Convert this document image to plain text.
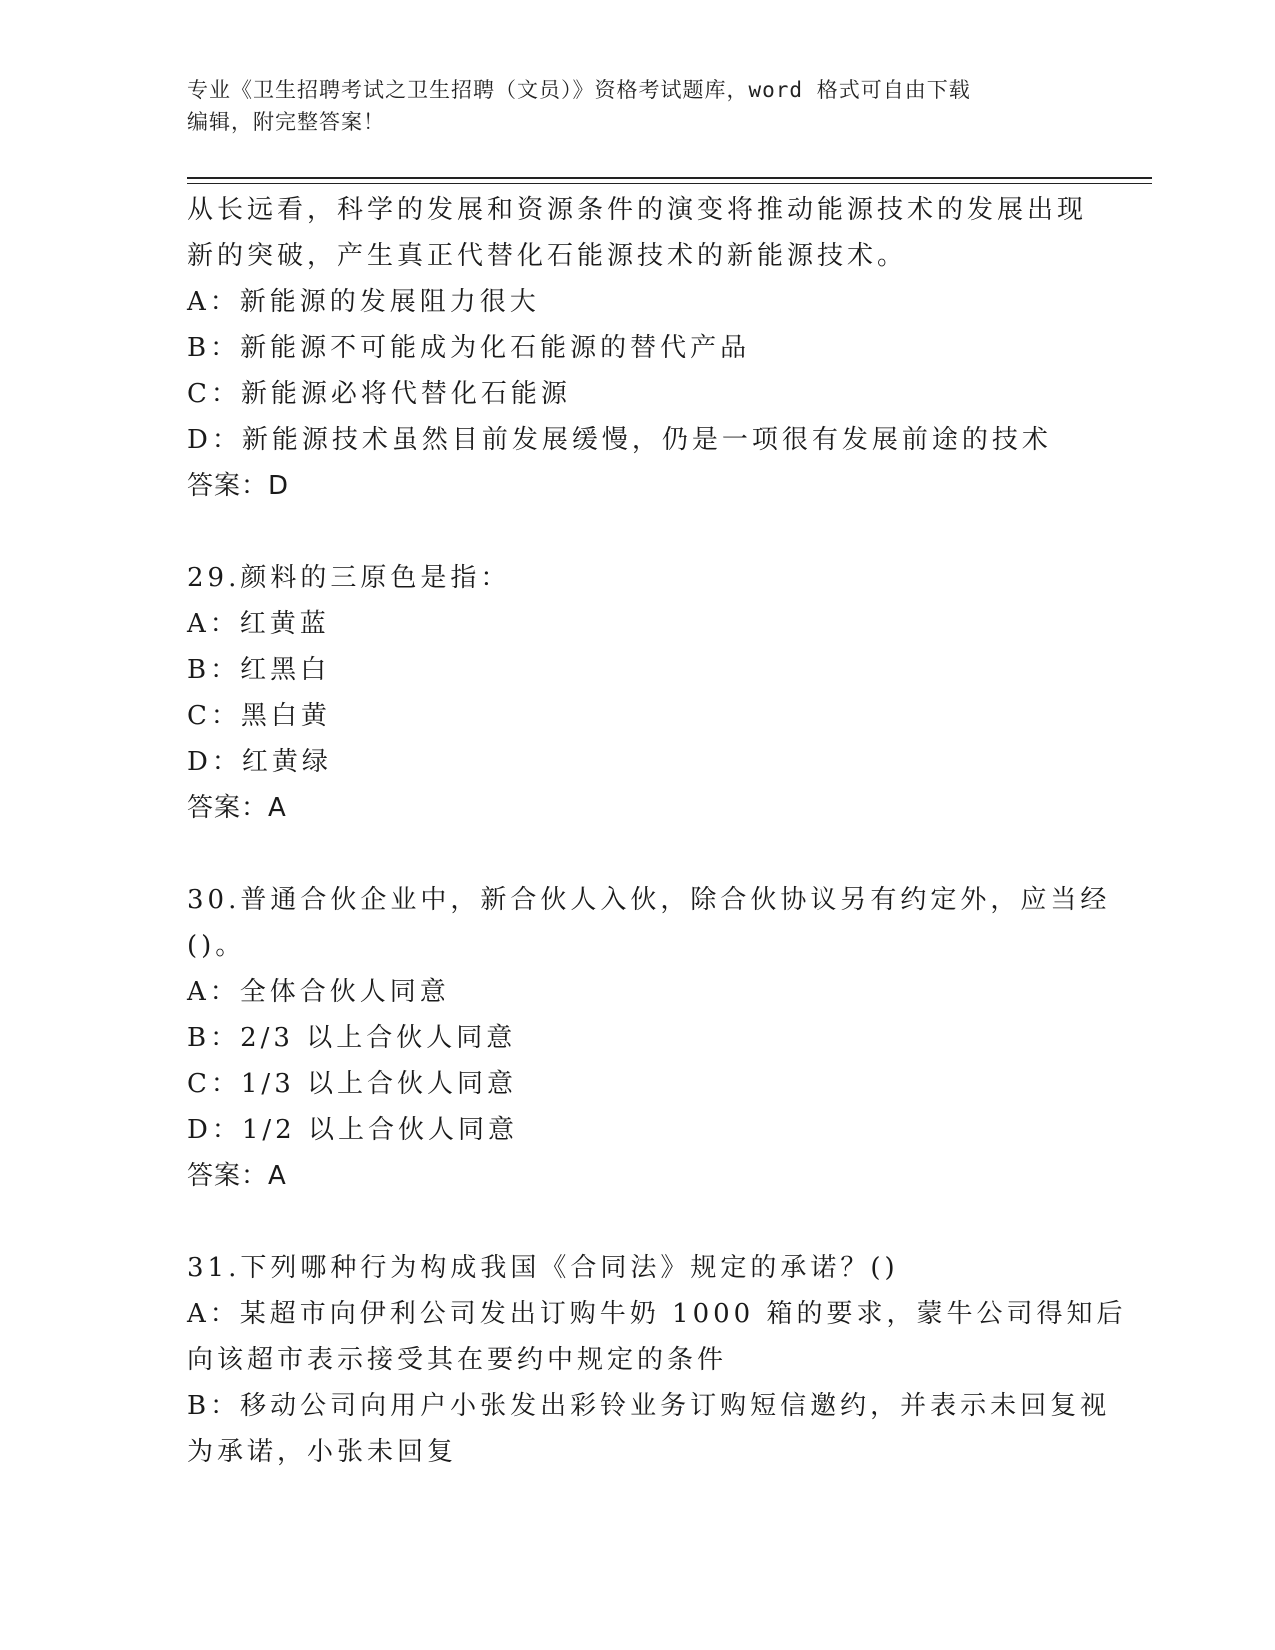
专业《卫生招聘考试之卫生招聘（文员）》资格考试题库，word 格式可自由下载
编辑，附完整答案！
从长远看，科学的发展和资源条件的演变将推动能源技术的发展出现
新的突破，产生真正代替化石能源技术的新能源技术。
A：新能源的发展阻力很大
B：新能源不可能成为化石能源的替代产品
C：新能源必将代替化石能源
D：新能源技术虽然目前发展缓慢，仍是一项很有发展前途的技术
答案：D
29.颜料的三原色是指：
A：红黄蓝
B：红黑白
C：黑白黄
D：红黄绿
答案：A
30.普通合伙企业中，新合伙人入伙，除合伙协议另有约定外，应当经
()。
A：全体合伙人同意
B：2/3 以上合伙人同意
C：1/3 以上合伙人同意
D：1/2 以上合伙人同意
答案：A
31.下列哪种行为构成我国《合同法》规定的承诺？()
A：某超市向伊利公司发出订购牛奶 1000 箱的要求，蒙牛公司得知后
向该超市表示接受其在要约中规定的条件
B：移动公司向用户小张发出彩铃业务订购短信邀约，并表示未回复视
为承诺，小张未回复
